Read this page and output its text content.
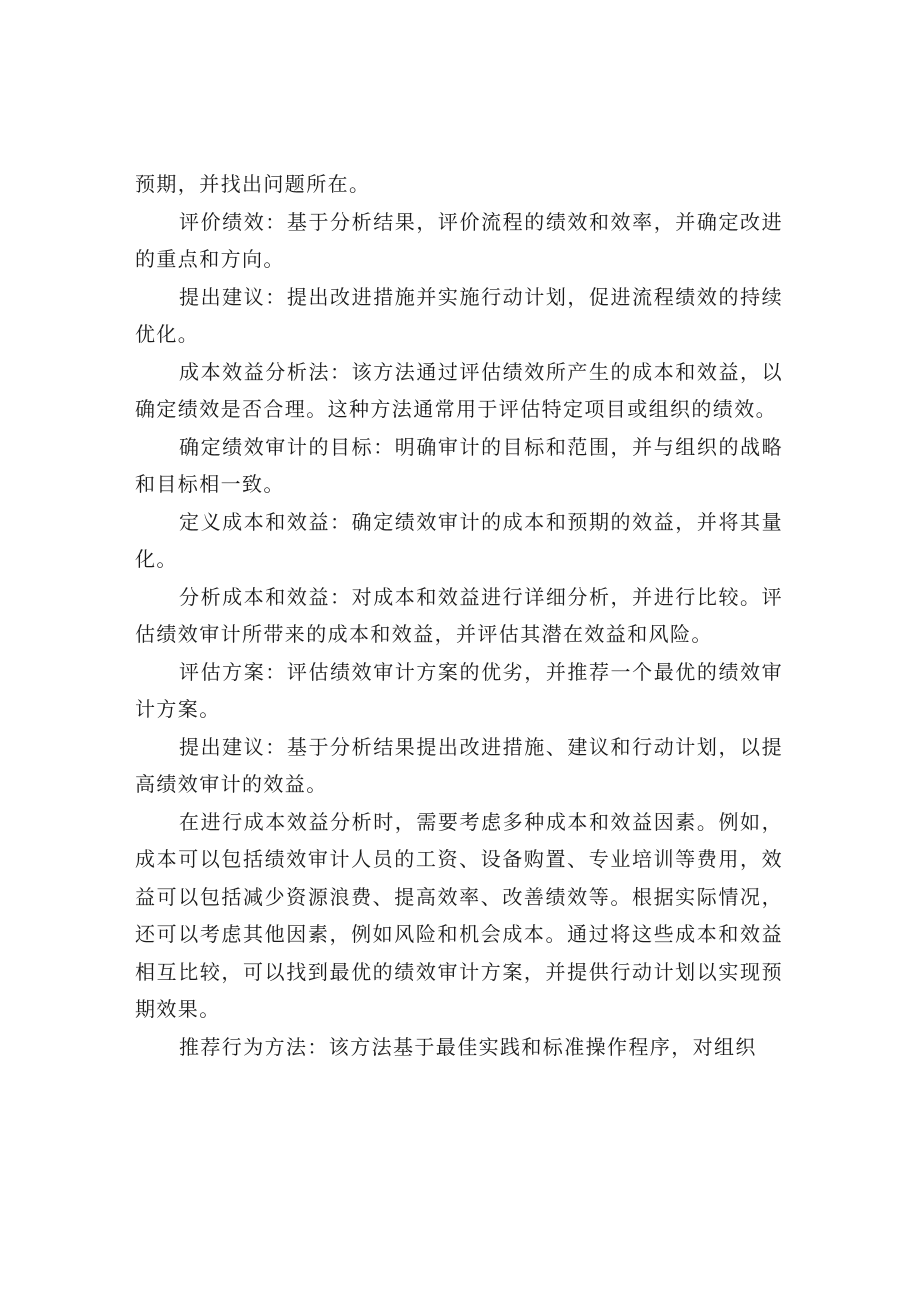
预期，并找出问题所在。

评价绩效：基于分析结果，评价流程的绩效和效率，并确定改进的重点和方向。

提出建议：提出改进措施并实施行动计划，促进流程绩效的持续优化。

成本效益分析法：该方法通过评估绩效所产生的成本和效益，以确定绩效是否合理。这种方法通常用于评估特定项目或组织的绩效。

确定绩效审计的目标：明确审计的目标和范围，并与组织的战略和目标相一致。

定义成本和效益：确定绩效审计的成本和预期的效益，并将其量化。

分析成本和效益：对成本和效益进行详细分析，并进行比较。评估绩效审计所带来的成本和效益，并评估其潜在效益和风险。

评估方案：评估绩效审计方案的优劣，并推荐一个最优的绩效审计方案。

提出建议：基于分析结果提出改进措施、建议和行动计划，以提高绩效审计的效益。

在进行成本效益分析时，需要考虑多种成本和效益因素。例如，成本可以包括绩效审计人员的工资、设备购置、专业培训等费用，效益可以包括减少资源浪费、提高效率、改善绩效等。根据实际情况，还可以考虑其他因素，例如风险和机会成本。通过将这些成本和效益相互比较，可以找到最优的绩效审计方案，并提供行动计划以实现预期效果。

推荐行为方法：该方法基于最佳实践和标准操作程序，对组织
